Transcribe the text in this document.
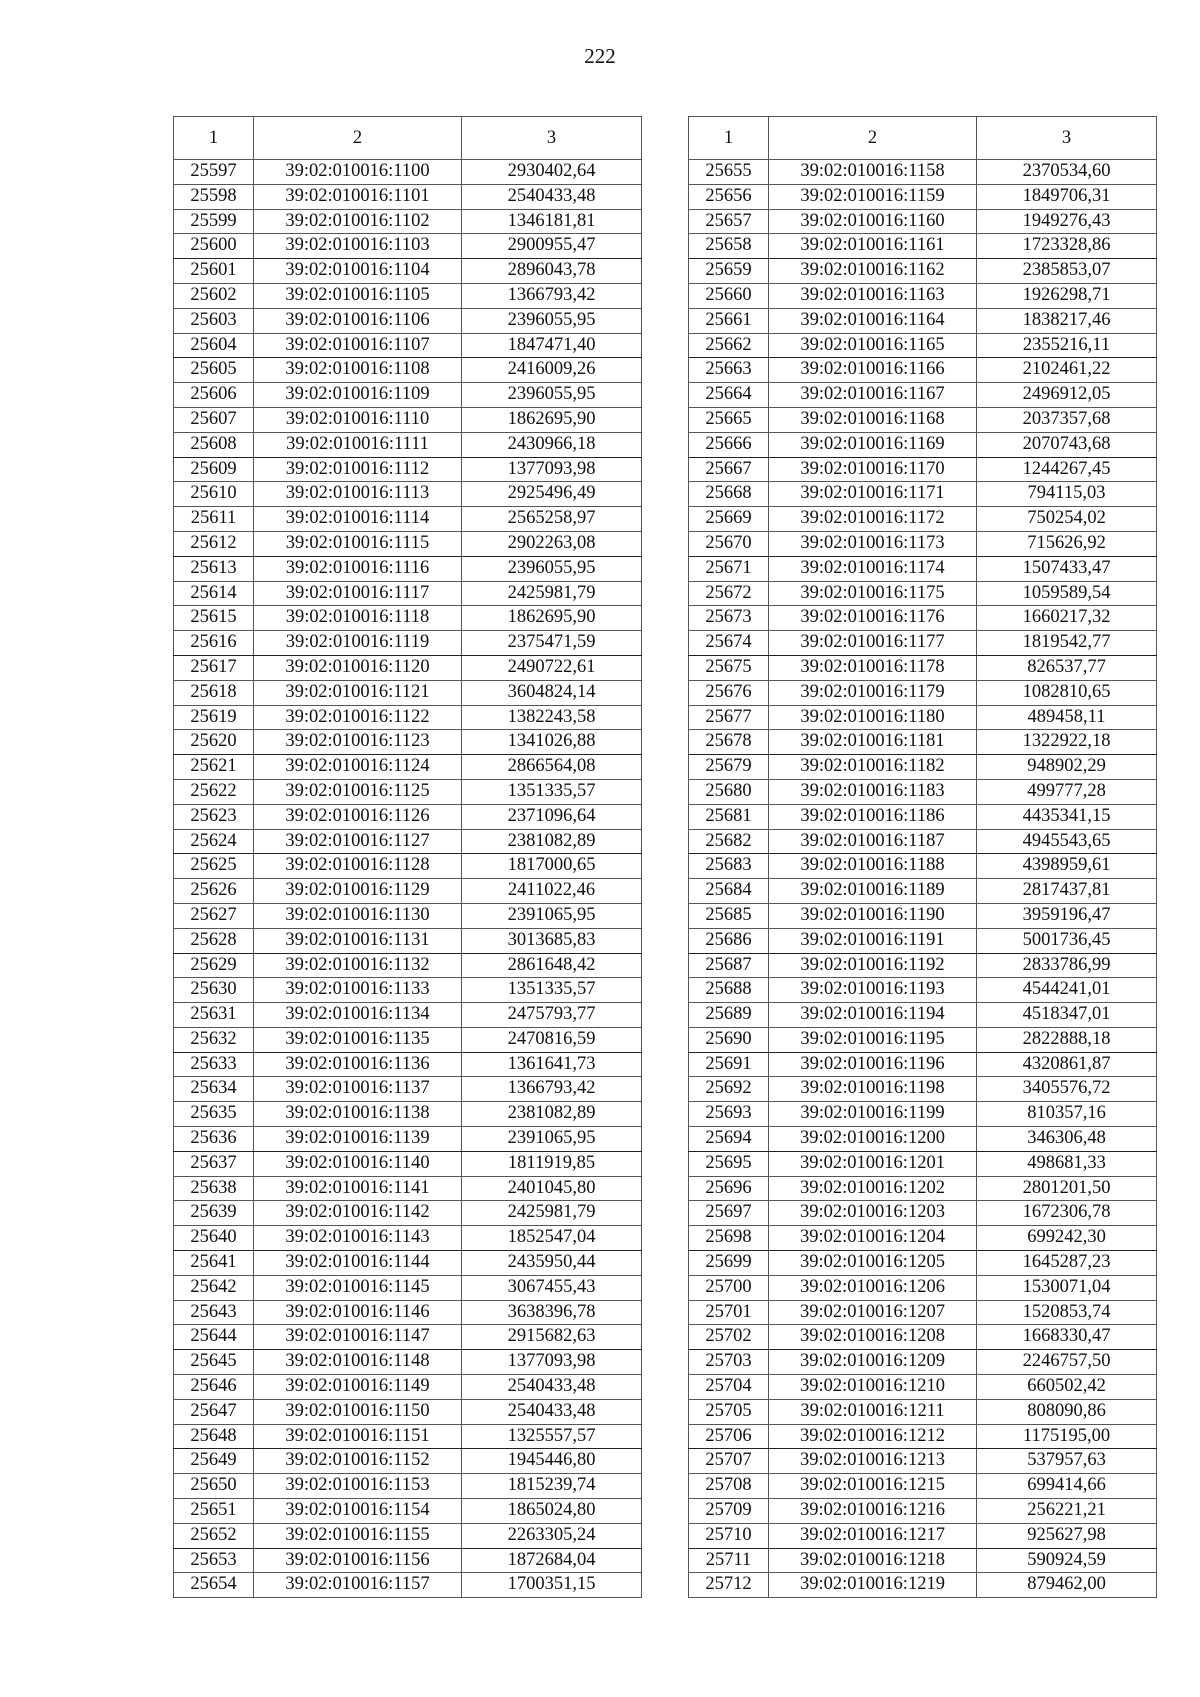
222
1	2	3
25597	39:02:010016:1100	2930402,64
25598	39:02:010016:1101	2540433,48
25599	39:02:010016:1102	1346181,81
25600	39:02:010016:1103	2900955,47
25601	39:02:010016:1104	2896043,78
25602	39:02:010016:1105	1366793,42
25603	39:02:010016:1106	2396055,95
25604	39:02:010016:1107	1847471,40
25605	39:02:010016:1108	2416009,26
25606	39:02:010016:1109	2396055,95
25607	39:02:010016:1110	1862695,90
25608	39:02:010016:1111	2430966,18
25609	39:02:010016:1112	1377093,98
25610	39:02:010016:1113	2925496,49
25611	39:02:010016:1114	2565258,97
25612	39:02:010016:1115	2902263,08
25613	39:02:010016:1116	2396055,95
25614	39:02:010016:1117	2425981,79
25615	39:02:010016:1118	1862695,90
25616	39:02:010016:1119	2375471,59
25617	39:02:010016:1120	2490722,61
25618	39:02:010016:1121	3604824,14
25619	39:02:010016:1122	1382243,58
25620	39:02:010016:1123	1341026,88
25621	39:02:010016:1124	2866564,08
25622	39:02:010016:1125	1351335,57
25623	39:02:010016:1126	2371096,64
25624	39:02:010016:1127	2381082,89
25625	39:02:010016:1128	1817000,65
25626	39:02:010016:1129	2411022,46
25627	39:02:010016:1130	2391065,95
25628	39:02:010016:1131	3013685,83
25629	39:02:010016:1132	2861648,42
25630	39:02:010016:1133	1351335,57
25631	39:02:010016:1134	2475793,77
25632	39:02:010016:1135	2470816,59
25633	39:02:010016:1136	1361641,73
25634	39:02:010016:1137	1366793,42
25635	39:02:010016:1138	2381082,89
25636	39:02:010016:1139	2391065,95
25637	39:02:010016:1140	1811919,85
25638	39:02:010016:1141	2401045,80
25639	39:02:010016:1142	2425981,79
25640	39:02:010016:1143	1852547,04
25641	39:02:010016:1144	2435950,44
25642	39:02:010016:1145	3067455,43
25643	39:02:010016:1146	3638396,78
25644	39:02:010016:1147	2915682,63
25645	39:02:010016:1148	1377093,98
25646	39:02:010016:1149	2540433,48
25647	39:02:010016:1150	2540433,48
25648	39:02:010016:1151	1325557,57
25649	39:02:010016:1152	1945446,80
25650	39:02:010016:1153	1815239,74
25651	39:02:010016:1154	1865024,80
25652	39:02:010016:1155	2263305,24
25653	39:02:010016:1156	1872684,04
25654	39:02:010016:1157	1700351,15
1	2	3
25655	39:02:010016:1158	2370534,60
25656	39:02:010016:1159	1849706,31
25657	39:02:010016:1160	1949276,43
25658	39:02:010016:1161	1723328,86
25659	39:02:010016:1162	2385853,07
25660	39:02:010016:1163	1926298,71
25661	39:02:010016:1164	1838217,46
25662	39:02:010016:1165	2355216,11
25663	39:02:010016:1166	2102461,22
25664	39:02:010016:1167	2496912,05
25665	39:02:010016:1168	2037357,68
25666	39:02:010016:1169	2070743,68
25667	39:02:010016:1170	1244267,45
25668	39:02:010016:1171	794115,03
25669	39:02:010016:1172	750254,02
25670	39:02:010016:1173	715626,92
25671	39:02:010016:1174	1507433,47
25672	39:02:010016:1175	1059589,54
25673	39:02:010016:1176	1660217,32
25674	39:02:010016:1177	1819542,77
25675	39:02:010016:1178	826537,77
25676	39:02:010016:1179	1082810,65
25677	39:02:010016:1180	489458,11
25678	39:02:010016:1181	1322922,18
25679	39:02:010016:1182	948902,29
25680	39:02:010016:1183	499777,28
25681	39:02:010016:1186	4435341,15
25682	39:02:010016:1187	4945543,65
25683	39:02:010016:1188	4398959,61
25684	39:02:010016:1189	2817437,81
25685	39:02:010016:1190	3959196,47
25686	39:02:010016:1191	5001736,45
25687	39:02:010016:1192	2833786,99
25688	39:02:010016:1193	4544241,01
25689	39:02:010016:1194	4518347,01
25690	39:02:010016:1195	2822888,18
25691	39:02:010016:1196	4320861,87
25692	39:02:010016:1198	3405576,72
25693	39:02:010016:1199	810357,16
25694	39:02:010016:1200	346306,48
25695	39:02:010016:1201	498681,33
25696	39:02:010016:1202	2801201,50
25697	39:02:010016:1203	1672306,78
25698	39:02:010016:1204	699242,30
25699	39:02:010016:1205	1645287,23
25700	39:02:010016:1206	1530071,04
25701	39:02:010016:1207	1520853,74
25702	39:02:010016:1208	1668330,47
25703	39:02:010016:1209	2246757,50
25704	39:02:010016:1210	660502,42
25705	39:02:010016:1211	808090,86
25706	39:02:010016:1212	1175195,00
25707	39:02:010016:1213	537957,63
25708	39:02:010016:1215	699414,66
25709	39:02:010016:1216	256221,21
25710	39:02:010016:1217	925627,98
25711	39:02:010016:1218	590924,59
25712	39:02:010016:1219	879462,00
